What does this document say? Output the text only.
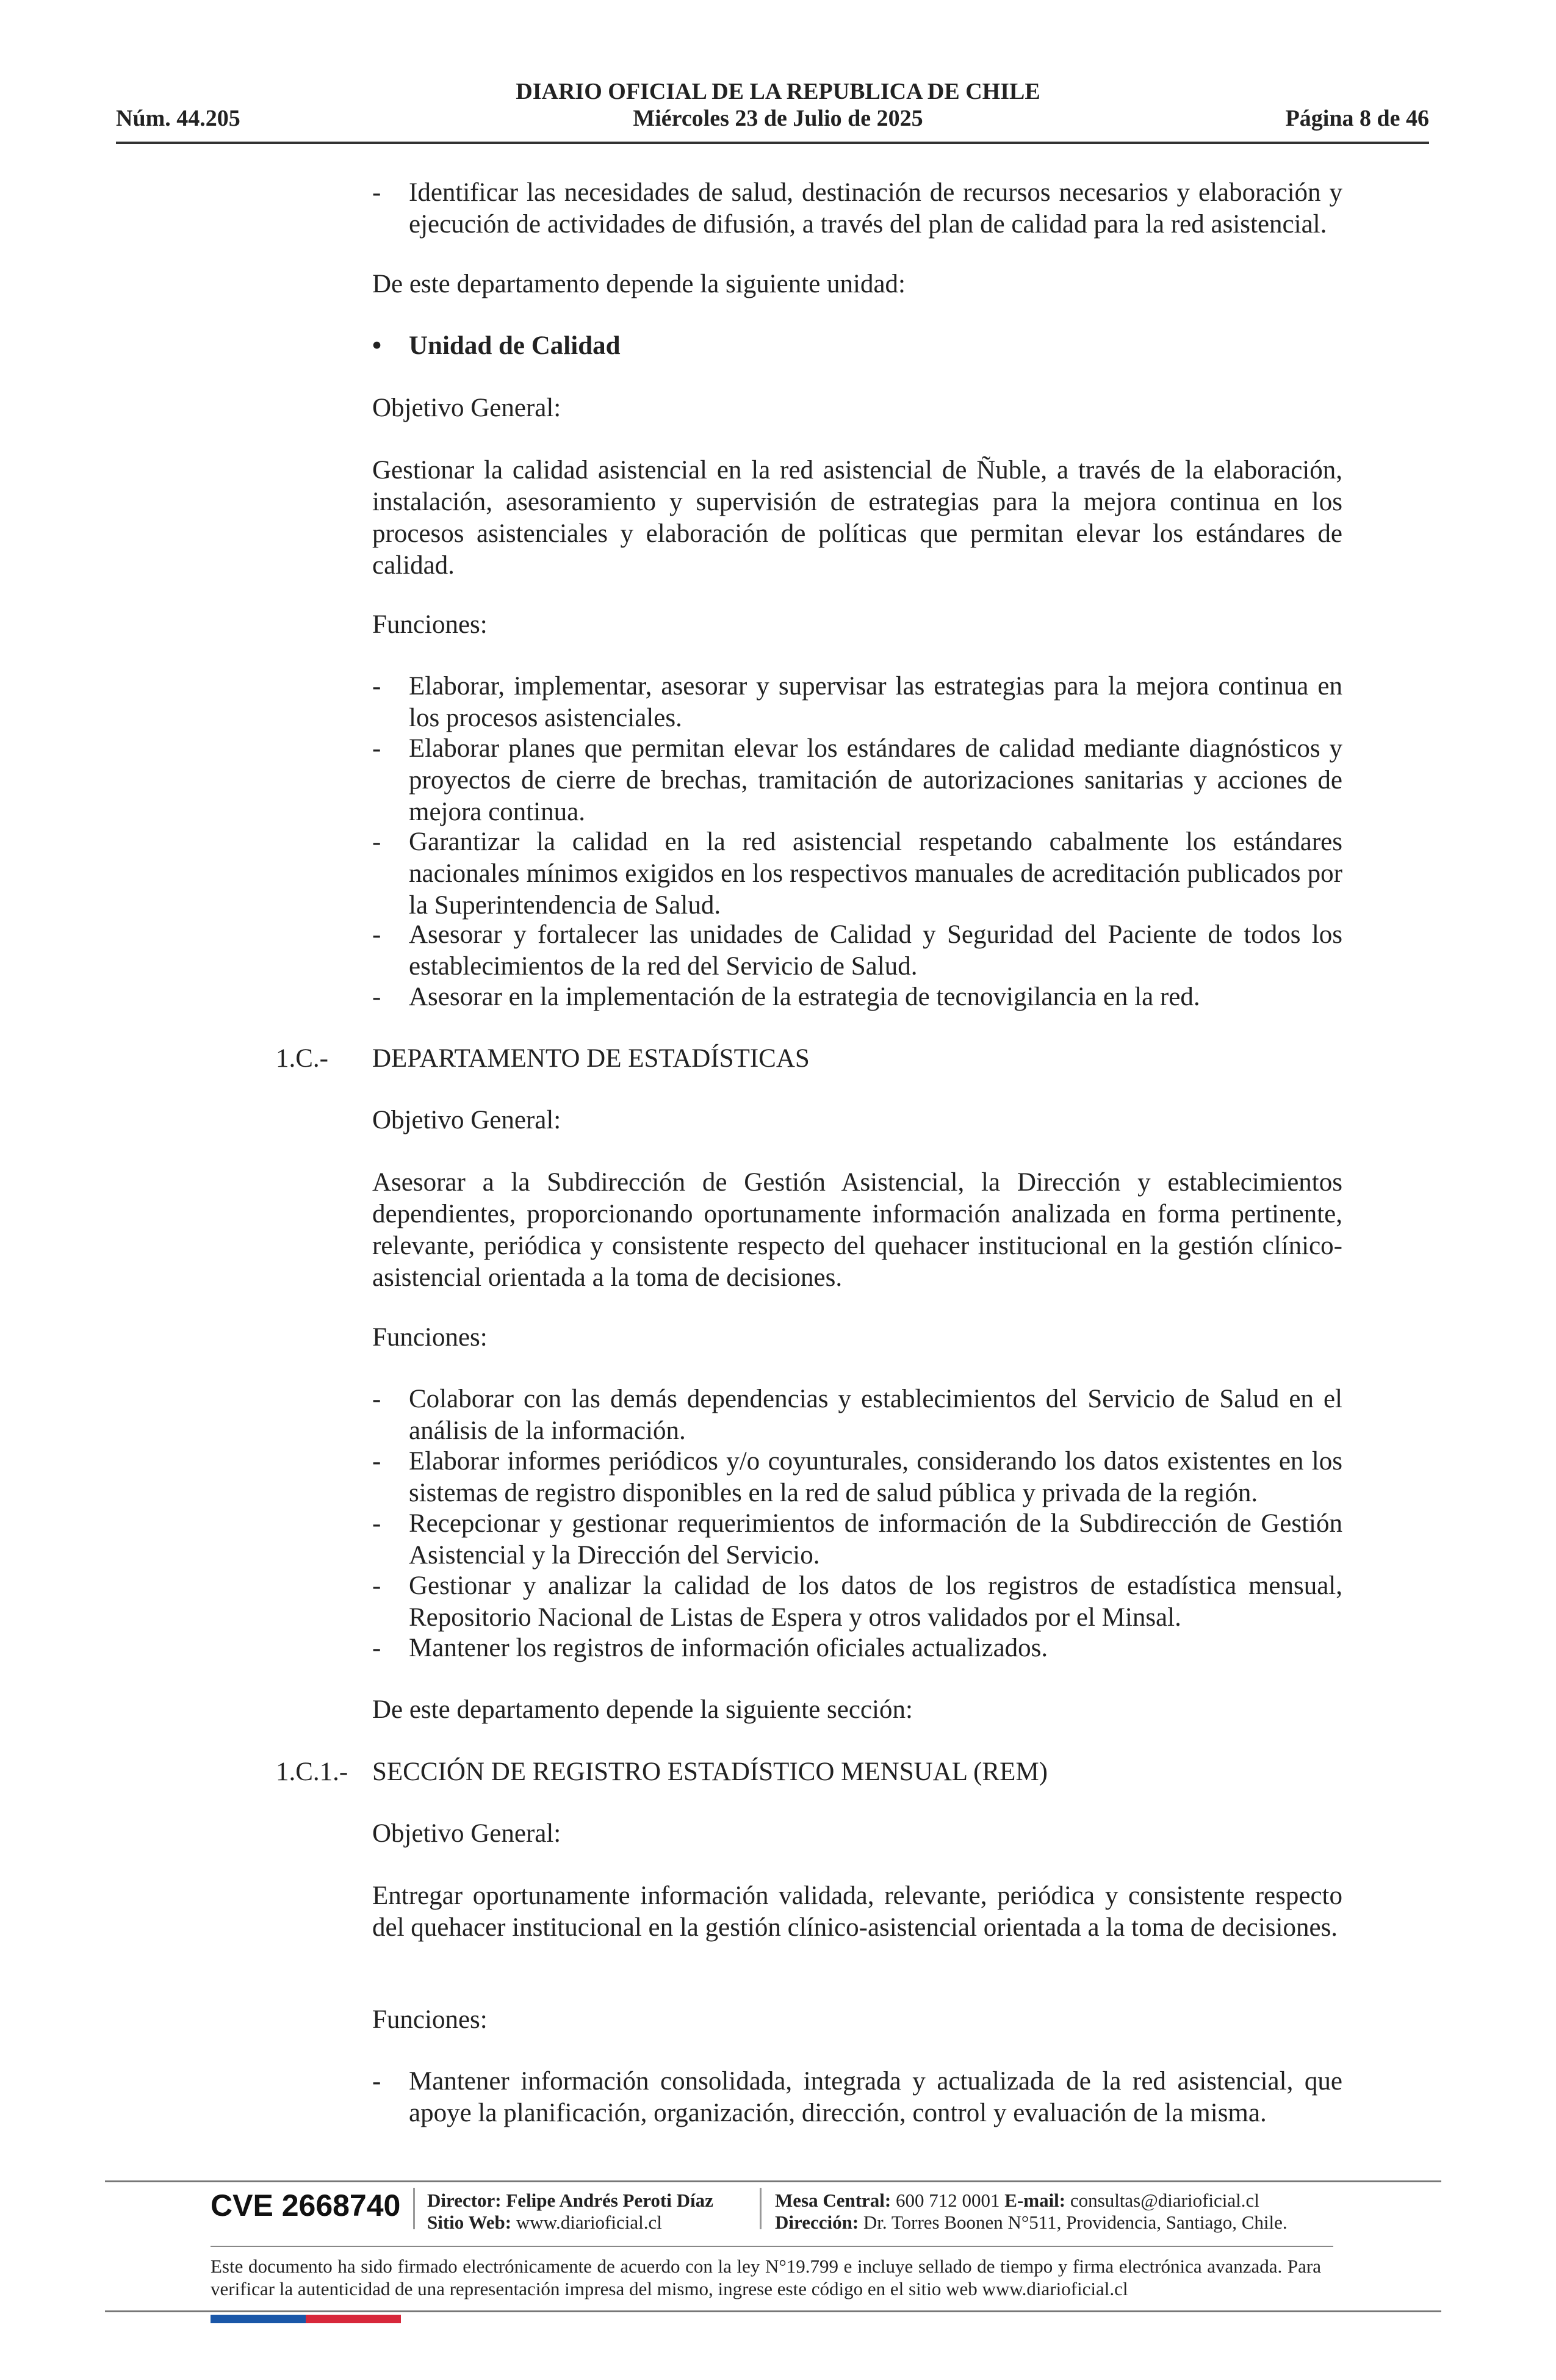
DIARIO OFICIAL DE LA REPUBLICA DE CHILE
Miércoles 23 de Julio de 2025
Núm. 44.205	Página 8 de 46
- Identificar las necesidades de salud, destinación de recursos necesarios y elaboración y ejecución de actividades de difusión, a través del plan de calidad para la red asistencial.
De este departamento depende la siguiente unidad:
• Unidad de Calidad
Objetivo General:
Gestionar la calidad asistencial en la red asistencial de Ñuble, a través de la elaboración, instalación, asesoramiento y supervisión de estrategias para la mejora continua en los procesos asistenciales y elaboración de políticas que permitan elevar los estándares de calidad.
Funciones:
- Elaborar, implementar, asesorar y supervisar las estrategias para la mejora continua en los procesos asistenciales.
- Elaborar planes que permitan elevar los estándares de calidad mediante diagnósticos y proyectos de cierre de brechas, tramitación de autorizaciones sanitarias y acciones de mejora continua.
- Garantizar la calidad en la red asistencial respetando cabalmente los estándares nacionales mínimos exigidos en los respectivos manuales de acreditación publicados por la Superintendencia de Salud.
- Asesorar y fortalecer las unidades de Calidad y Seguridad del Paciente de todos los establecimientos de la red del Servicio de Salud.
- Asesorar en la implementación de la estrategia de tecnovigilancia en la red.
1.C.- DEPARTAMENTO DE ESTADÍSTICAS
Objetivo General:
Asesorar a la Subdirección de Gestión Asistencial, la Dirección y establecimientos dependientes, proporcionando oportunamente información analizada en forma pertinente, relevante, periódica y consistente respecto del quehacer institucional en la gestión clínico-asistencial orientada a la toma de decisiones.
Funciones:
- Colaborar con las demás dependencias y establecimientos del Servicio de Salud en el análisis de la información.
- Elaborar informes periódicos y/o coyunturales, considerando los datos existentes en los sistemas de registro disponibles en la red de salud pública y privada de la región.
- Recepcionar y gestionar requerimientos de información de la Subdirección de Gestión Asistencial y la Dirección del Servicio.
- Gestionar y analizar la calidad de los datos de los registros de estadística mensual, Repositorio Nacional de Listas de Espera y otros validados por el Minsal.
- Mantener los registros de información oficiales actualizados.
De este departamento depende la siguiente sección:
1.C.1.- SECCIÓN DE REGISTRO ESTADÍSTICO MENSUAL (REM)
Objetivo General:
Entregar oportunamente información validada, relevante, periódica y consistente respecto del quehacer institucional en la gestión clínico-asistencial orientada a la toma de decisiones.
Funciones:
- Mantener información consolidada, integrada y actualizada de la red asistencial, que apoye la planificación, organización, dirección, control y evaluación de la misma.
CVE 2668740 Director: Felipe Andrés Peroti Díaz
Sitio Web: www.diarioficial.cl
Mesa Central: 600 712 0001 E-mail: consultas@diarioficial.cl
Dirección: Dr. Torres Boonen N°511, Providencia, Santiago, Chile.
Este documento ha sido firmado electrónicamente de acuerdo con la ley N°19.799 e incluye sellado de tiempo y firma electrónica avanzada. Para verificar la autenticidad de una representación impresa del mismo, ingrese este código en el sitio web www.diarioficial.cl
